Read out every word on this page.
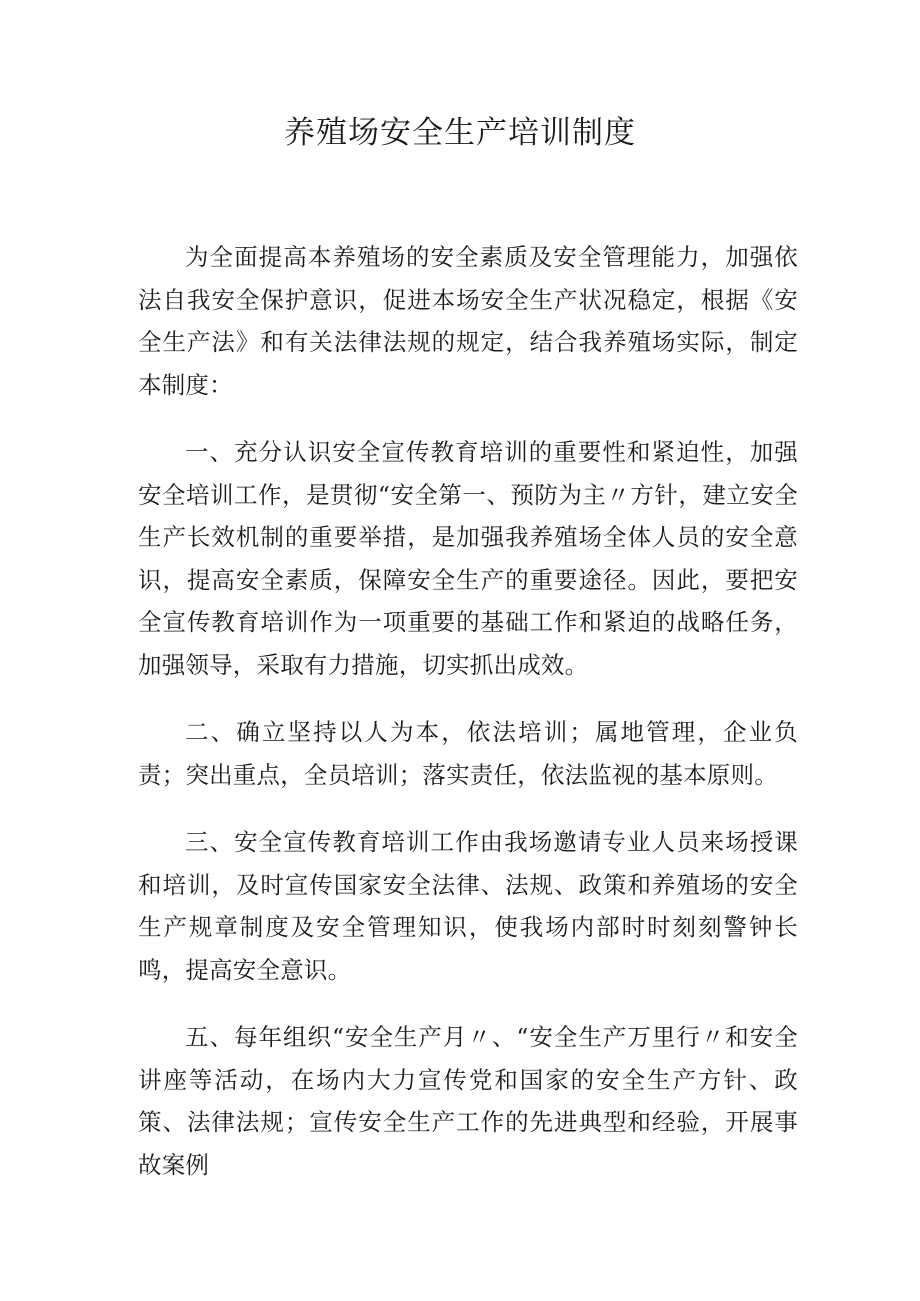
养殖场安全生产培训制度

为全面提高本养殖场的安全素质及安全管理能力，加强依法自我安全保护意识，促进本场安全生产状况稳定，根据《安全生产法》和有关法律法规的规定，结合我养殖场实际，制定本制度：

一、充分认识安全宣传教育培训的重要性和紧迫性，加强安全培训工作，是贯彻“安全第一、预防为主〃方针，建立安全生产长效机制的重要举措，是加强我养殖场全体人员的安全意识，提高安全素质，保障安全生产的重要途径。因此，要把安全宣传教育培训作为一项重要的基础工作和紧迫的战略任务，加强领导，采取有力措施，切实抓出成效。

二、确立坚持以人为本，依法培训；属地管理，企业负责；突出重点，全员培训；落实责任，依法监视的基本原则。

三、安全宣传教育培训工作由我场邀请专业人员来场授课和培训，及时宣传国家安全法律、法规、政策和养殖场的安全生产规章制度及安全管理知识，使我场内部时时刻刻警钟长鸣，提高安全意识。

五、每年组织“安全生产月〃、“安全生产万里行〃和安全讲座等活动，在场内大力宣传党和国家的安全生产方针、政策、法律法规；宣传安全生产工作的先进典型和经验，开展事故案例
